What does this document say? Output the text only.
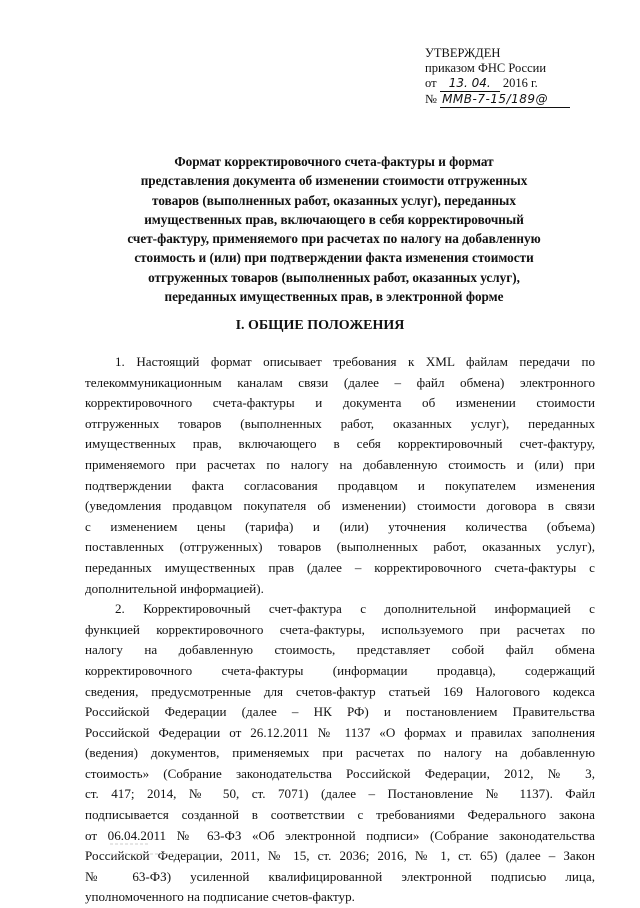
УТВЕРЖДЕН
приказом ФНС России
от 13. 04. 2016 г.
№ ММВ-7-15/189@
Формат корректировочного счета-фактуры и формат
представления документа об изменении стоимости отгруженных
товаров (выполненных работ, оказанных услуг), переданных
имущественных прав, включающего в себя корректировочный
счет-фактуру, применяемого при расчетах по налогу на добавленную
стоимость и (или) при подтверждении факта изменения стоимости
отгруженных товаров (выполненных работ, оказанных услуг),
переданных имущественных прав, в электронной форме
I. ОБЩИЕ ПОЛОЖЕНИЯ
1. Настоящий формат описывает требования к XML файлам передачи по
телекоммуникационным каналам связи (далее – файл обмена) электронного
корректировочного счета-фактуры и документа об изменении стоимости
отгруженных товаров (выполненных работ, оказанных услуг), переданных
имущественных прав, включающего в себя корректировочный счет-фактуру,
применяемого при расчетах по налогу на добавленную стоимость и (или) при
подтверждении факта согласования продавцом и покупателем изменения
(уведомления продавцом покупателя об изменении) стоимости договора в связи
с изменением цены (тарифа) и (или) уточнения количества (объема)
поставленных (отгруженных) товаров (выполненных работ, оказанных услуг),
переданных имущественных прав (далее – корректировочного счета-фактуры с
дополнительной информацией).
2. Корректировочный счет-фактура с дополнительной информацией с
функцией корректировочного счета-фактуры, используемого при расчетах по
налогу на добавленную стоимость, представляет собой файл обмена
корректировочного счета-фактуры (информации продавца), содержащий
сведения, предусмотренные для счетов-фактур статьей 169 Налогового кодекса
Российской Федерации (далее – НК РФ) и постановлением Правительства
Российской Федерации от 26.12.2011 № 1137 «О формах и правилах заполнения
(ведения) документов, применяемых при расчетах по налогу на добавленную
стоимость» (Собрание законодательства Российской Федерации, 2012, № 3,
ст. 417; 2014, № 50, ст. 7071) (далее – Постановление № 1137). Файл
подписывается созданной в соответствии с требованиями Федерального закона
от 06.04.2011 № 63-ФЗ «Об электронной подписи» (Собрание законодательства
Российской Федерации, 2011, № 15, ст. 2036; 2016, № 1, ст. 65) (далее – Закон
№ 63-ФЗ) усиленной квалифицированной электронной подписью лица,
уполномоченного на подписание счетов-фактур.
